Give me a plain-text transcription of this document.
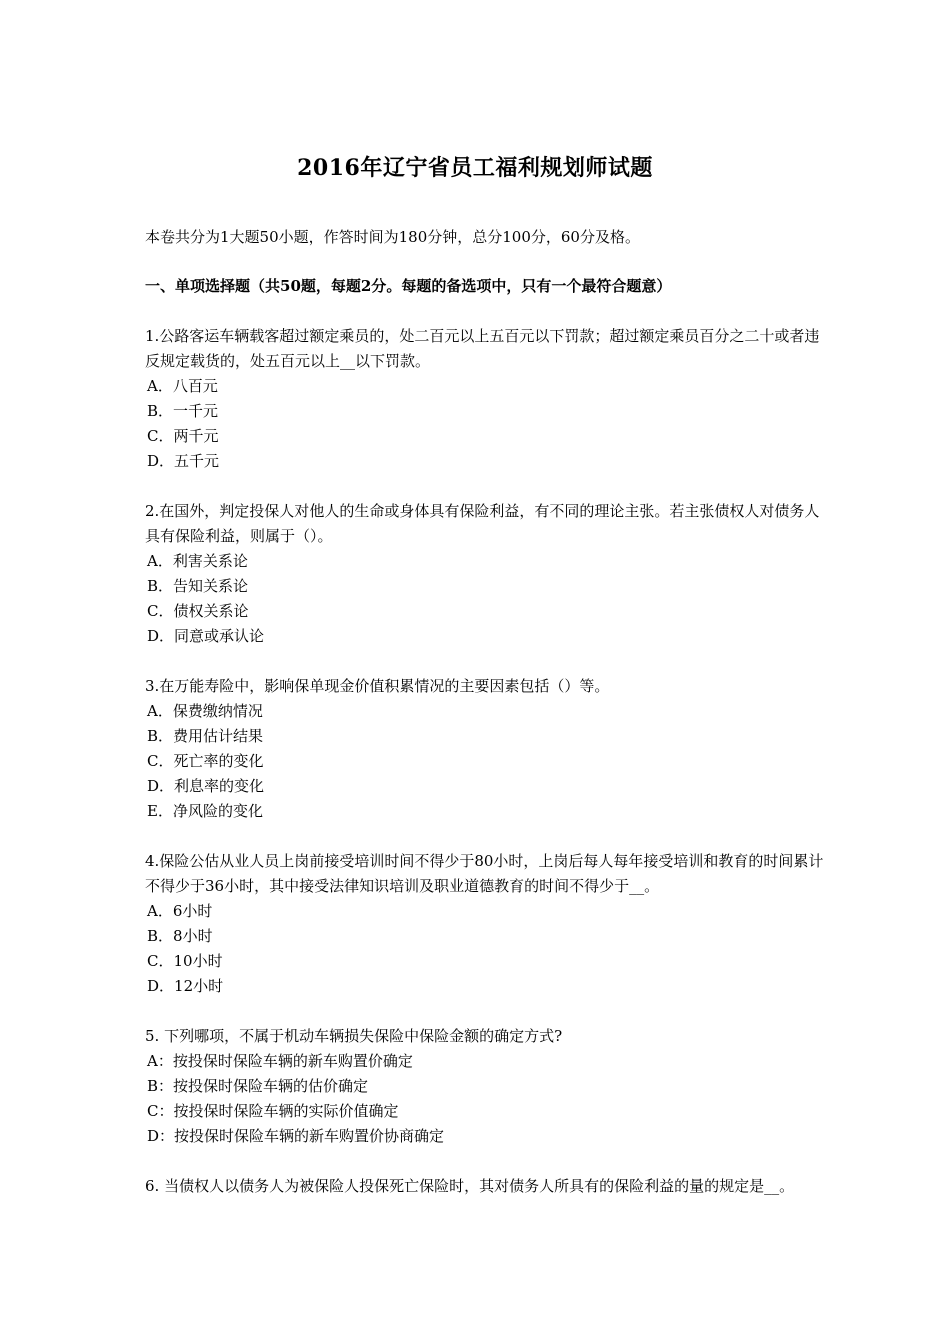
2016年辽宁省员工福利规划师试题
本卷共分为1大题50小题，作答时间为180分钟，总分100分，60分及格。
一、单项选择题（共50题，每题2分。每题的备选项中，只有一个最符合题意）

1.公路客运车辆载客超过额定乘员的，处二百元以上五百元以下罚款；超过额定乘员百分之二十或者违反规定载货的，处五百元以上__以下罚款。

A．八百元

B．一千元

C．两千元

D．五千元

2.在国外，判定投保人对他人的生命或身体具有保险利益，有不同的理论主张。若主张债权人对债务人具有保险利益，则属于（）。

A．利害关系论

B．告知关系论

C．债权关系论

D．同意或承认论

3.在万能寿险中，影响保单现金价值积累情况的主要因素包括（）等。

A．保费缴纳情况

B．费用估计结果

C．死亡率的变化

D．利息率的变化

E．净风险的变化

4.保险公估从业人员上岗前接受培训时间不得少于80小时，上岗后每人每年接受培训和教育的时间累计不得少于36小时，其中接受法律知识培训及职业道德教育的时间不得少于__。

A．6小时

B．8小时

C．10小时

D．12小时

5. 下列哪项，不属于机动车辆损失保险中保险金额的确定方式?

A：按投保时保险车辆的新车购置价确定

B：按投保时保险车辆的估价确定

C：按投保时保险车辆的实际价值确定

D：按投保时保险车辆的新车购置价协商确定

6. 当债权人以债务人为被保险人投保死亡保险时，其对债务人所具有的保险利益的量的规定是__。
